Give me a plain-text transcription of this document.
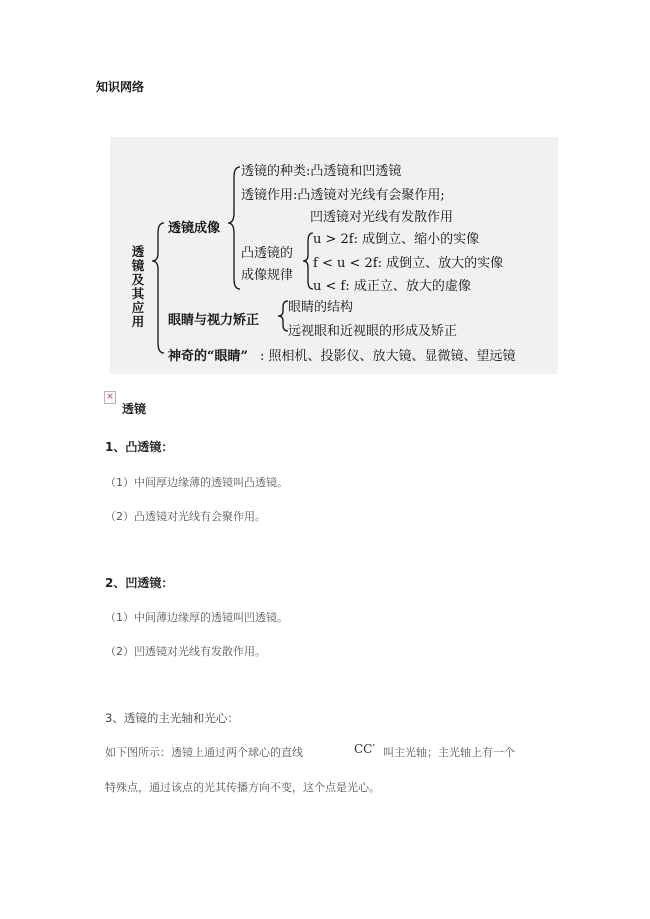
知识网络
透镜及其应用
透镜成像
透镜的种类:凸透镜和凹透镜
透镜作用:凸透镜对光线有会聚作用;
凹透镜对光线有发散作用
凸透镜的
成像规律
u > 2f: 成倒立、缩小的实像
f < u < 2f: 成倒立、放大的实像
u < f: 成正立、放大的虚像
眼睛与视力矫正
眼睛的结构
远视眼和近视眼的形成及矫正
神奇的“眼睛” : 照相机、投影仪、放大镜、显微镜、望远镜
×
透镜
1、凸透镜：
（1）中间厚边缘薄的透镜叫凸透镜。
（2）凸透镜对光线有会聚作用。
2、凹透镜：
（1）中间薄边缘厚的透镜叫凹透镜。
（2）凹透镜对光线有发散作用。
3、透镜的主光轴和光心：
如下图所示：透镜上通过两个球心的直线	CC′ 叫主光轴；主光轴上有一个
特殊点，通过该点的光其传播方向不变，这个点是光心。
